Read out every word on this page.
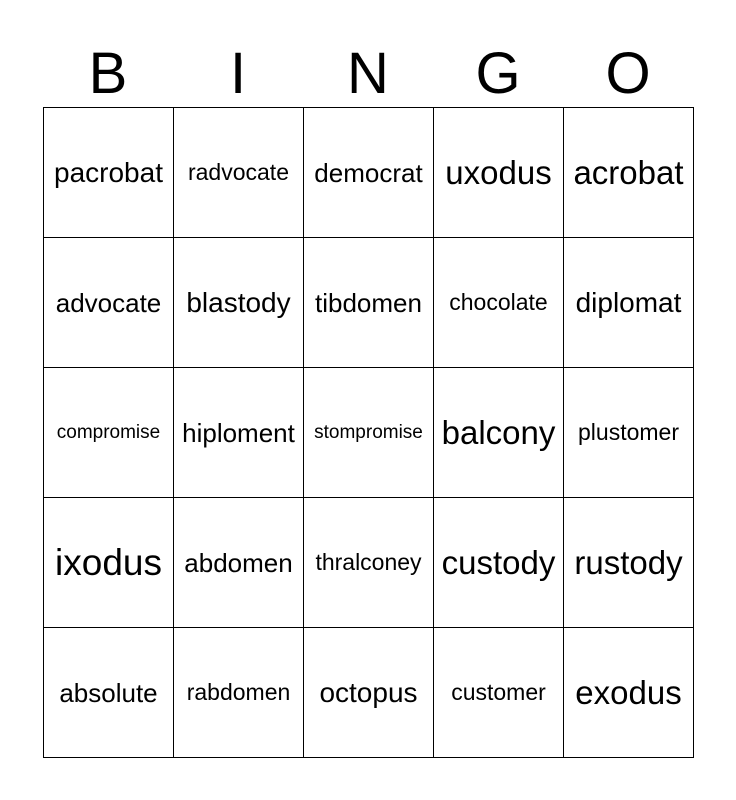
B	I	N	G	O
pacrobat radvocate democrat uxodus acrobat
advocate blastody tibdomen chocolate diplomat
compromise hiploment stompromise balcony plustomer
ixodus abdomen thralconey custody rustody
absolute rabdomen octopus customer exodus
